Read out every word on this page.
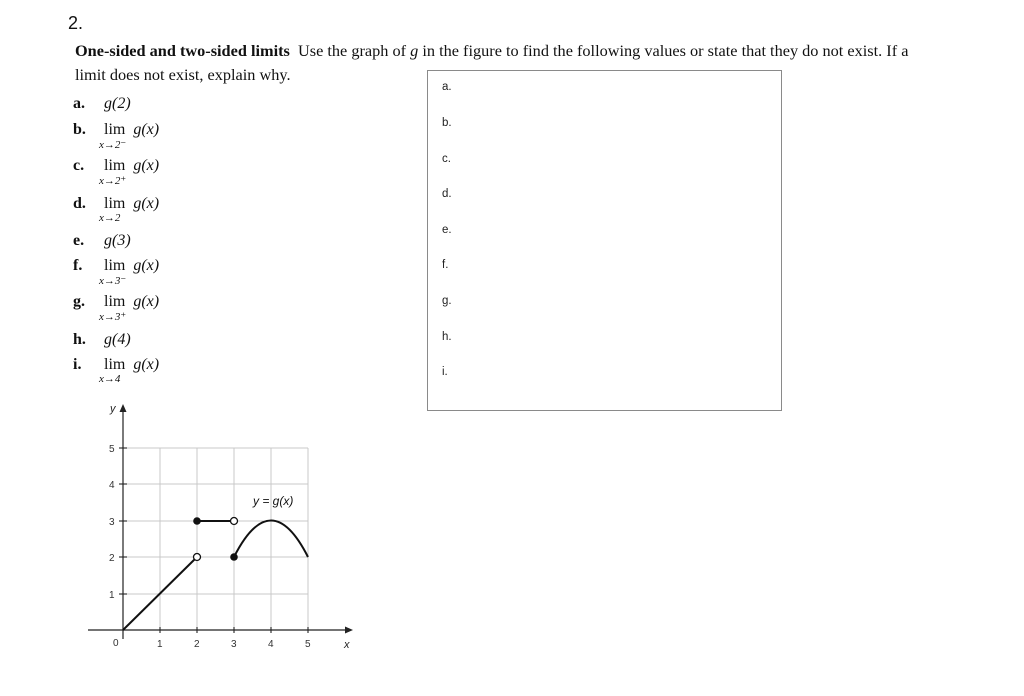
2.
One-sided and two-sided limits Use the graph of g in the figure to find the following values or state that they do not exist. If a limit does not exist, explain why.
a. g(2)
b. lim g(x)
x→2⁻
c. lim g(x)
x→2⁺
d. lim g(x)
x→2
e. g(3)
f. lim g(x)
x→3⁻
g. lim g(x)
x→3⁺
h. g(4)
i. lim g(x)
x→4
a.
b.
c.
d.
e.
f.
g.
h.
i.
y
x
0	1	2	3	4	5
1
2
3
4
5
y = g(x)
